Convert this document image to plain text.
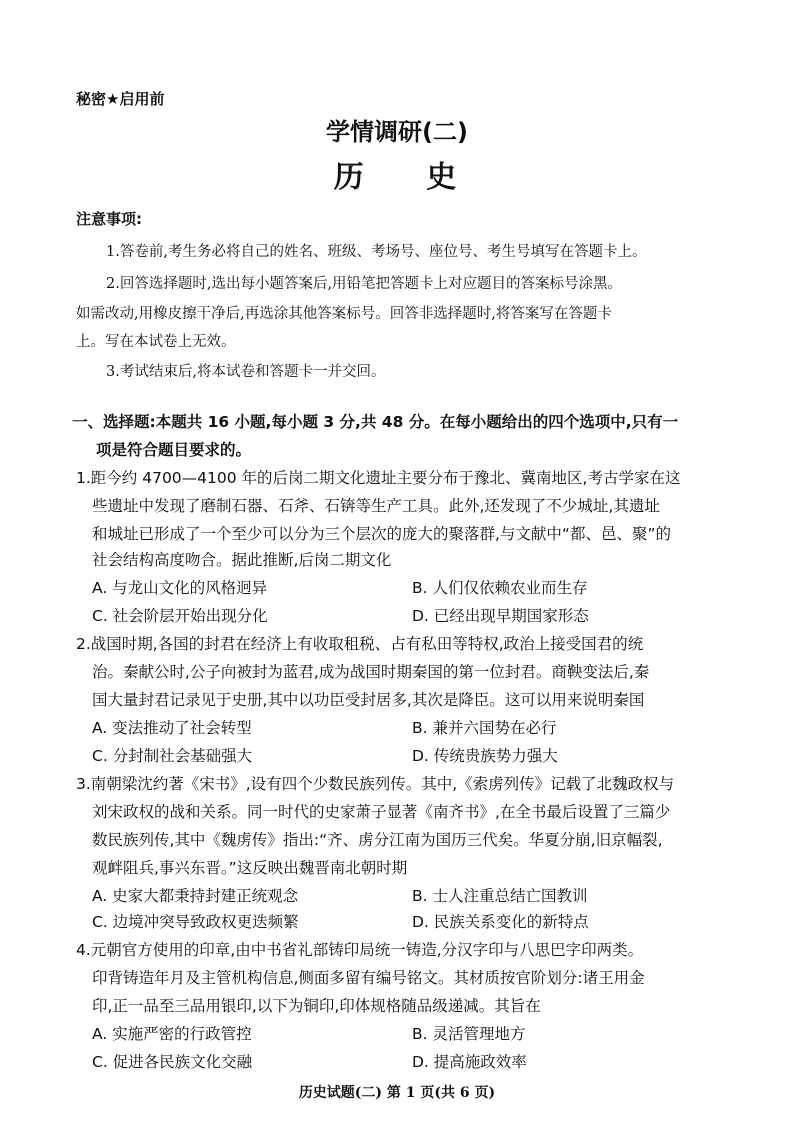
秘密★启用前
学情调研(二)
历 史
注意事项:
1.答卷前,考生务必将自己的姓名、班级、考场号、座位号、考生号填写在答题卡上。
2.回答选择题时,选出每小题答案后,用铅笔把答题卡上对应题目的答案标号涂黑。
如需改动,用橡皮擦干净后,再选涂其他答案标号。回答非选择题时,将答案写在答题卡
上。写在本试卷上无效。
3.考试结束后,将本试卷和答题卡一并交回。
一、选择题:本题共 16 小题,每小题 3 分,共 48 分。在每小题给出的四个选项中,只有一
项是符合题目要求的。
1.距今约 4700—4100 年的后岗二期文化遗址主要分布于豫北、冀南地区,考古学家在这
些遗址中发现了磨制石器、石斧、石锛等生产工具。此外,还发现了不少城址,其遗址
和城址已形成了一个至少可以分为三个层次的庞大的聚落群,与文献中“都、邑、聚”的
社会结构高度吻合。据此推断,后岗二期文化
A. 与龙山文化的风格迥异	B. 人们仅依赖农业而生存
C. 社会阶层开始出现分化	D. 已经出现早期国家形态
2.战国时期,各国的封君在经济上有收取租税、占有私田等特权,政治上接受国君的统
治。秦献公时,公子向被封为蓝君,成为战国时期秦国的第一位封君。商鞅变法后,秦
国大量封君记录见于史册,其中以功臣受封居多,其次是降臣。这可以用来说明秦国
A. 变法推动了社会转型	B. 兼并六国势在必行
C. 分封制社会基础强大	D. 传统贵族势力强大
3.南朝梁沈约著《宋书》,设有四个少数民族列传。其中,《索虏列传》记载了北魏政权与
刘宋政权的战和关系。同一时代的史家萧子显著《南齐书》,在全书最后设置了三篇少
数民族列传,其中《魏虏传》指出:“齐、虏分江南为国历三代矣。华夏分崩,旧京幅裂,
观衅阻兵,事兴东晋。”这反映出魏晋南北朝时期
A. 史家大都秉持封建正统观念	B. 士人注重总结亡国教训
C. 边境冲突导致政权更迭频繁	D. 民族关系变化的新特点
4.元朝官方使用的印章,由中书省礼部铸印局统一铸造,分汉字印与八思巴字印两类。
印背铸造年月及主管机构信息,侧面多留有编号铭文。其材质按官阶划分:诸王用金
印,正一品至三品用银印,以下为铜印,印体规格随品级递减。其旨在
A. 实施严密的行政管控	B. 灵活管理地方
C. 促进各民族文化交融	D. 提高施政效率
历史试题(二) 第 1 页(共 6 页)
